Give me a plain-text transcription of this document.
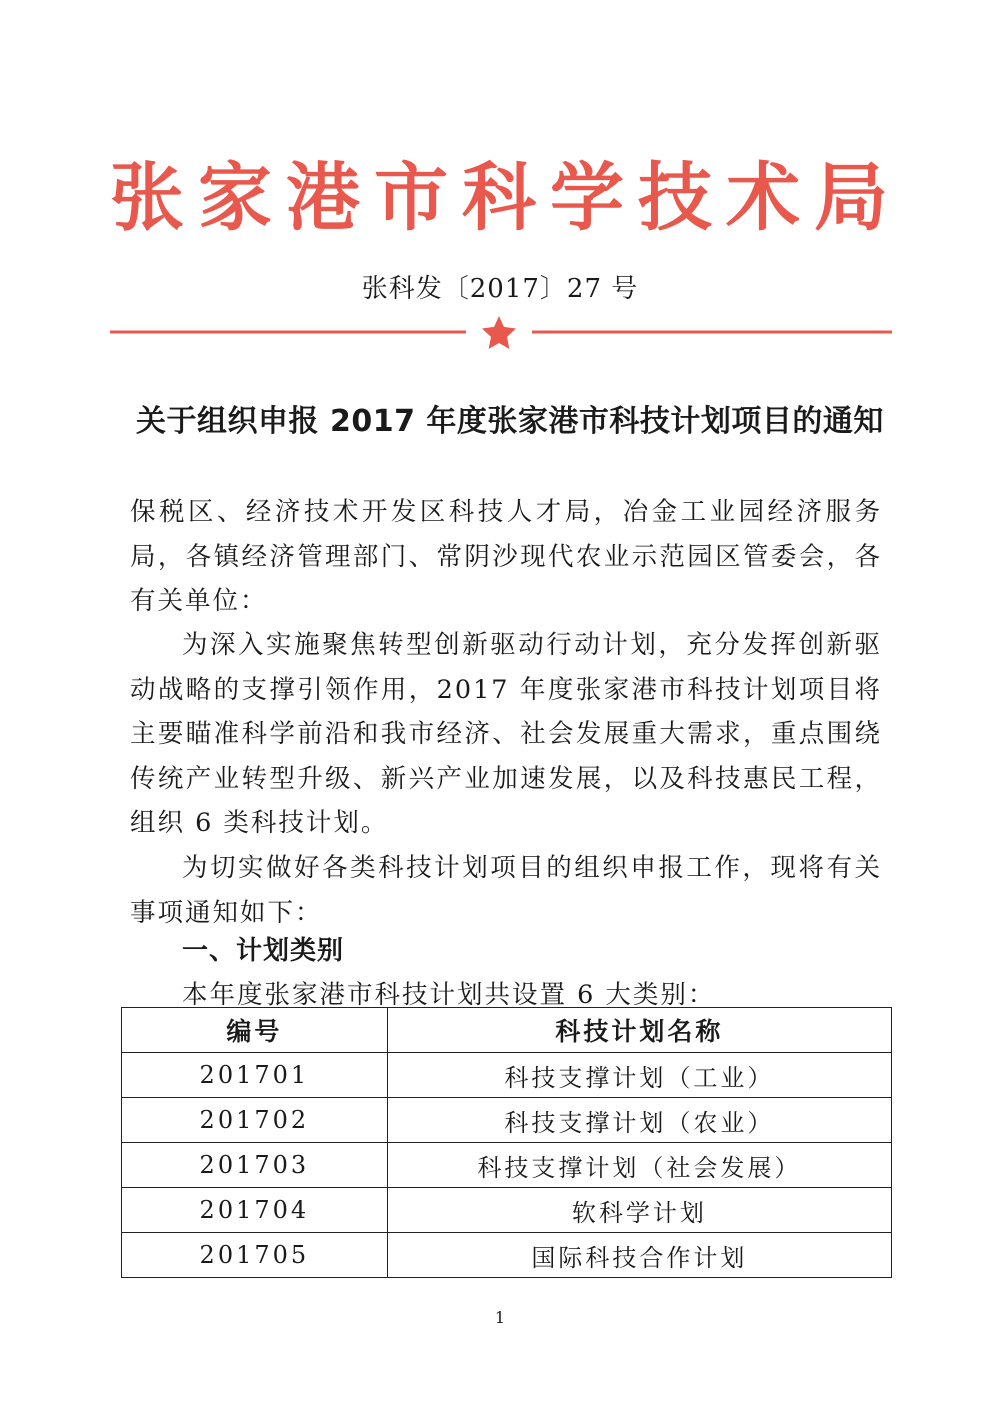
张家港市科学技术局
张科发〔2017〕27 号
关于组织申报 2017 年度张家港市科技计划项目的通知
保税区、经济技术开发区科技人才局，冶金工业园经济服务局，各镇经济管理部门、常阴沙现代农业示范园区管委会，各有关单位：
为深入实施聚焦转型创新驱动行动计划，充分发挥创新驱动战略的支撑引领作用，2017 年度张家港市科技计划项目将主要瞄准科学前沿和我市经济、社会发展重大需求，重点围绕传统产业转型升级、新兴产业加速发展，以及科技惠民工程，组织 6 类科技计划。
为切实做好各类科技计划项目的组织申报工作，现将有关事项通知如下：
一、计划类别
本年度张家港市科技计划共设置 6 大类别：
编号	科技计划名称
201701	科技支撑计划（工业）
201702	科技支撑计划（农业）
201703	科技支撑计划（社会发展）
201704	软科学计划
201705	国际科技合作计划
1
